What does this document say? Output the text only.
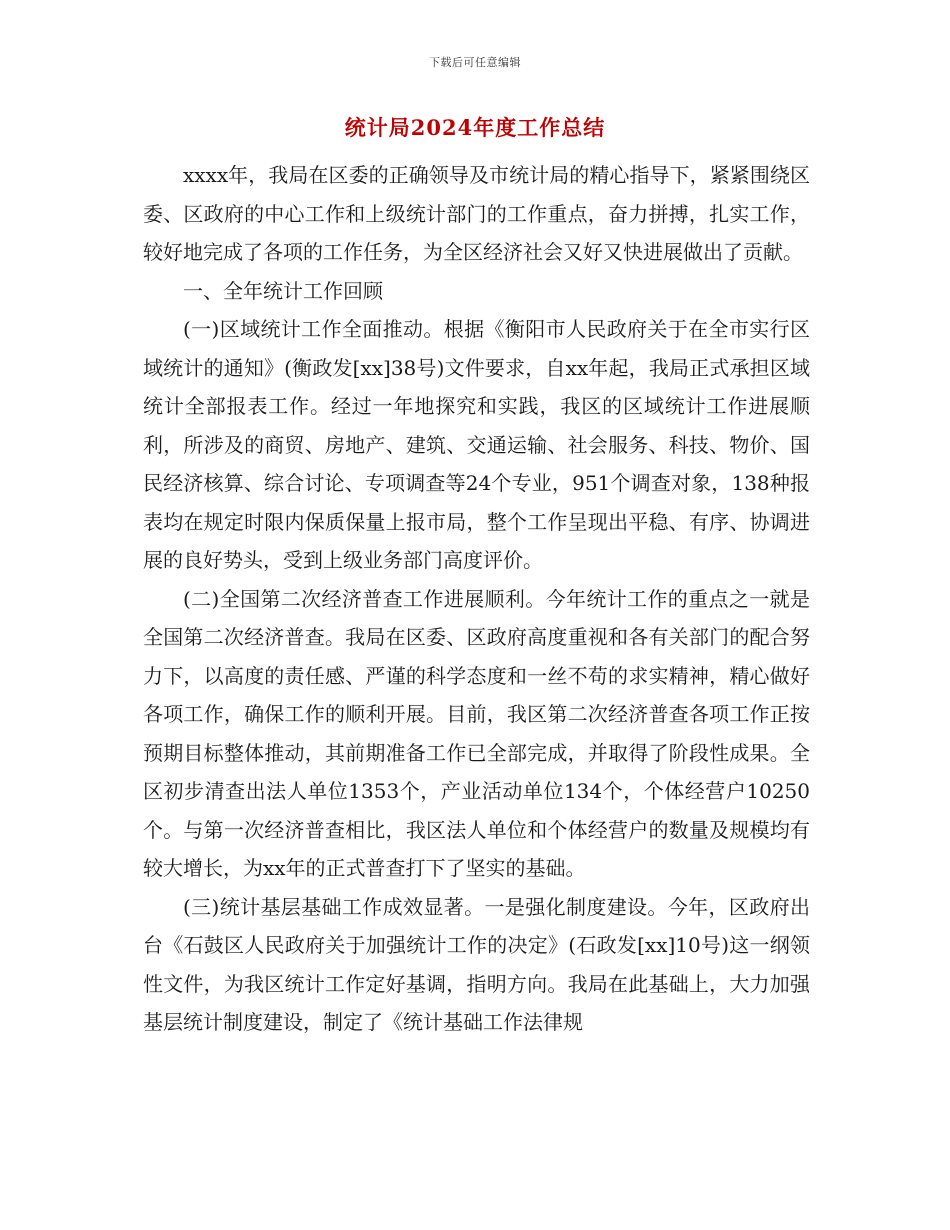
下载后可任意编辑
统计局2024年度工作总结

xxxx年，我局在区委的正确领导及市统计局的精心指导下，紧紧围绕区委、区政府的中心工作和上级统计部门的工作重点，奋力拼搏，扎实工作，较好地完成了各项的工作任务，为全区经济社会又好又快进展做出了贡献。

一、全年统计工作回顾

(一)区域统计工作全面推动。根据《衡阳市人民政府关于在全市实行区域统计的通知》(衡政发[xx]38号)文件要求，自xx年起，我局正式承担区域统计全部报表工作。经过一年地探究和实践，我区的区域统计工作进展顺利，所涉及的商贸、房地产、建筑、交通运输、社会服务、科技、物价、国民经济核算、综合讨论、专项调查等24个专业，951个调查对象，138种报表均在规定时限内保质保量上报市局，整个工作呈现出平稳、有序、协调进展的良好势头，受到上级业务部门高度评价。

(二)全国第二次经济普查工作进展顺利。今年统计工作的重点之一就是全国第二次经济普查。我局在区委、区政府高度重视和各有关部门的配合努力下，以高度的责任感、严谨的科学态度和一丝不苟的求实精神，精心做好各项工作，确保工作的顺利开展。目前，我区第二次经济普查各项工作正按预期目标整体推动，其前期准备工作已全部完成，并取得了阶段性成果。全区初步清查出法人单位1353个，产业活动单位134个，个体经营户10250个。与第一次经济普查相比，我区法人单位和个体经营户的数量及规模均有较大增长，为xx年的正式普查打下了坚实的基础。

(三)统计基层基础工作成效显著。一是强化制度建设。今年，区政府出台《石鼓区人民政府关于加强统计工作的决定》(石政发[xx]10号)这一纲领性文件，为我区统计工作定好基调，指明方向。我局在此基础上，大力加强基层统计制度建设，制定了《统计基础工作法律规
